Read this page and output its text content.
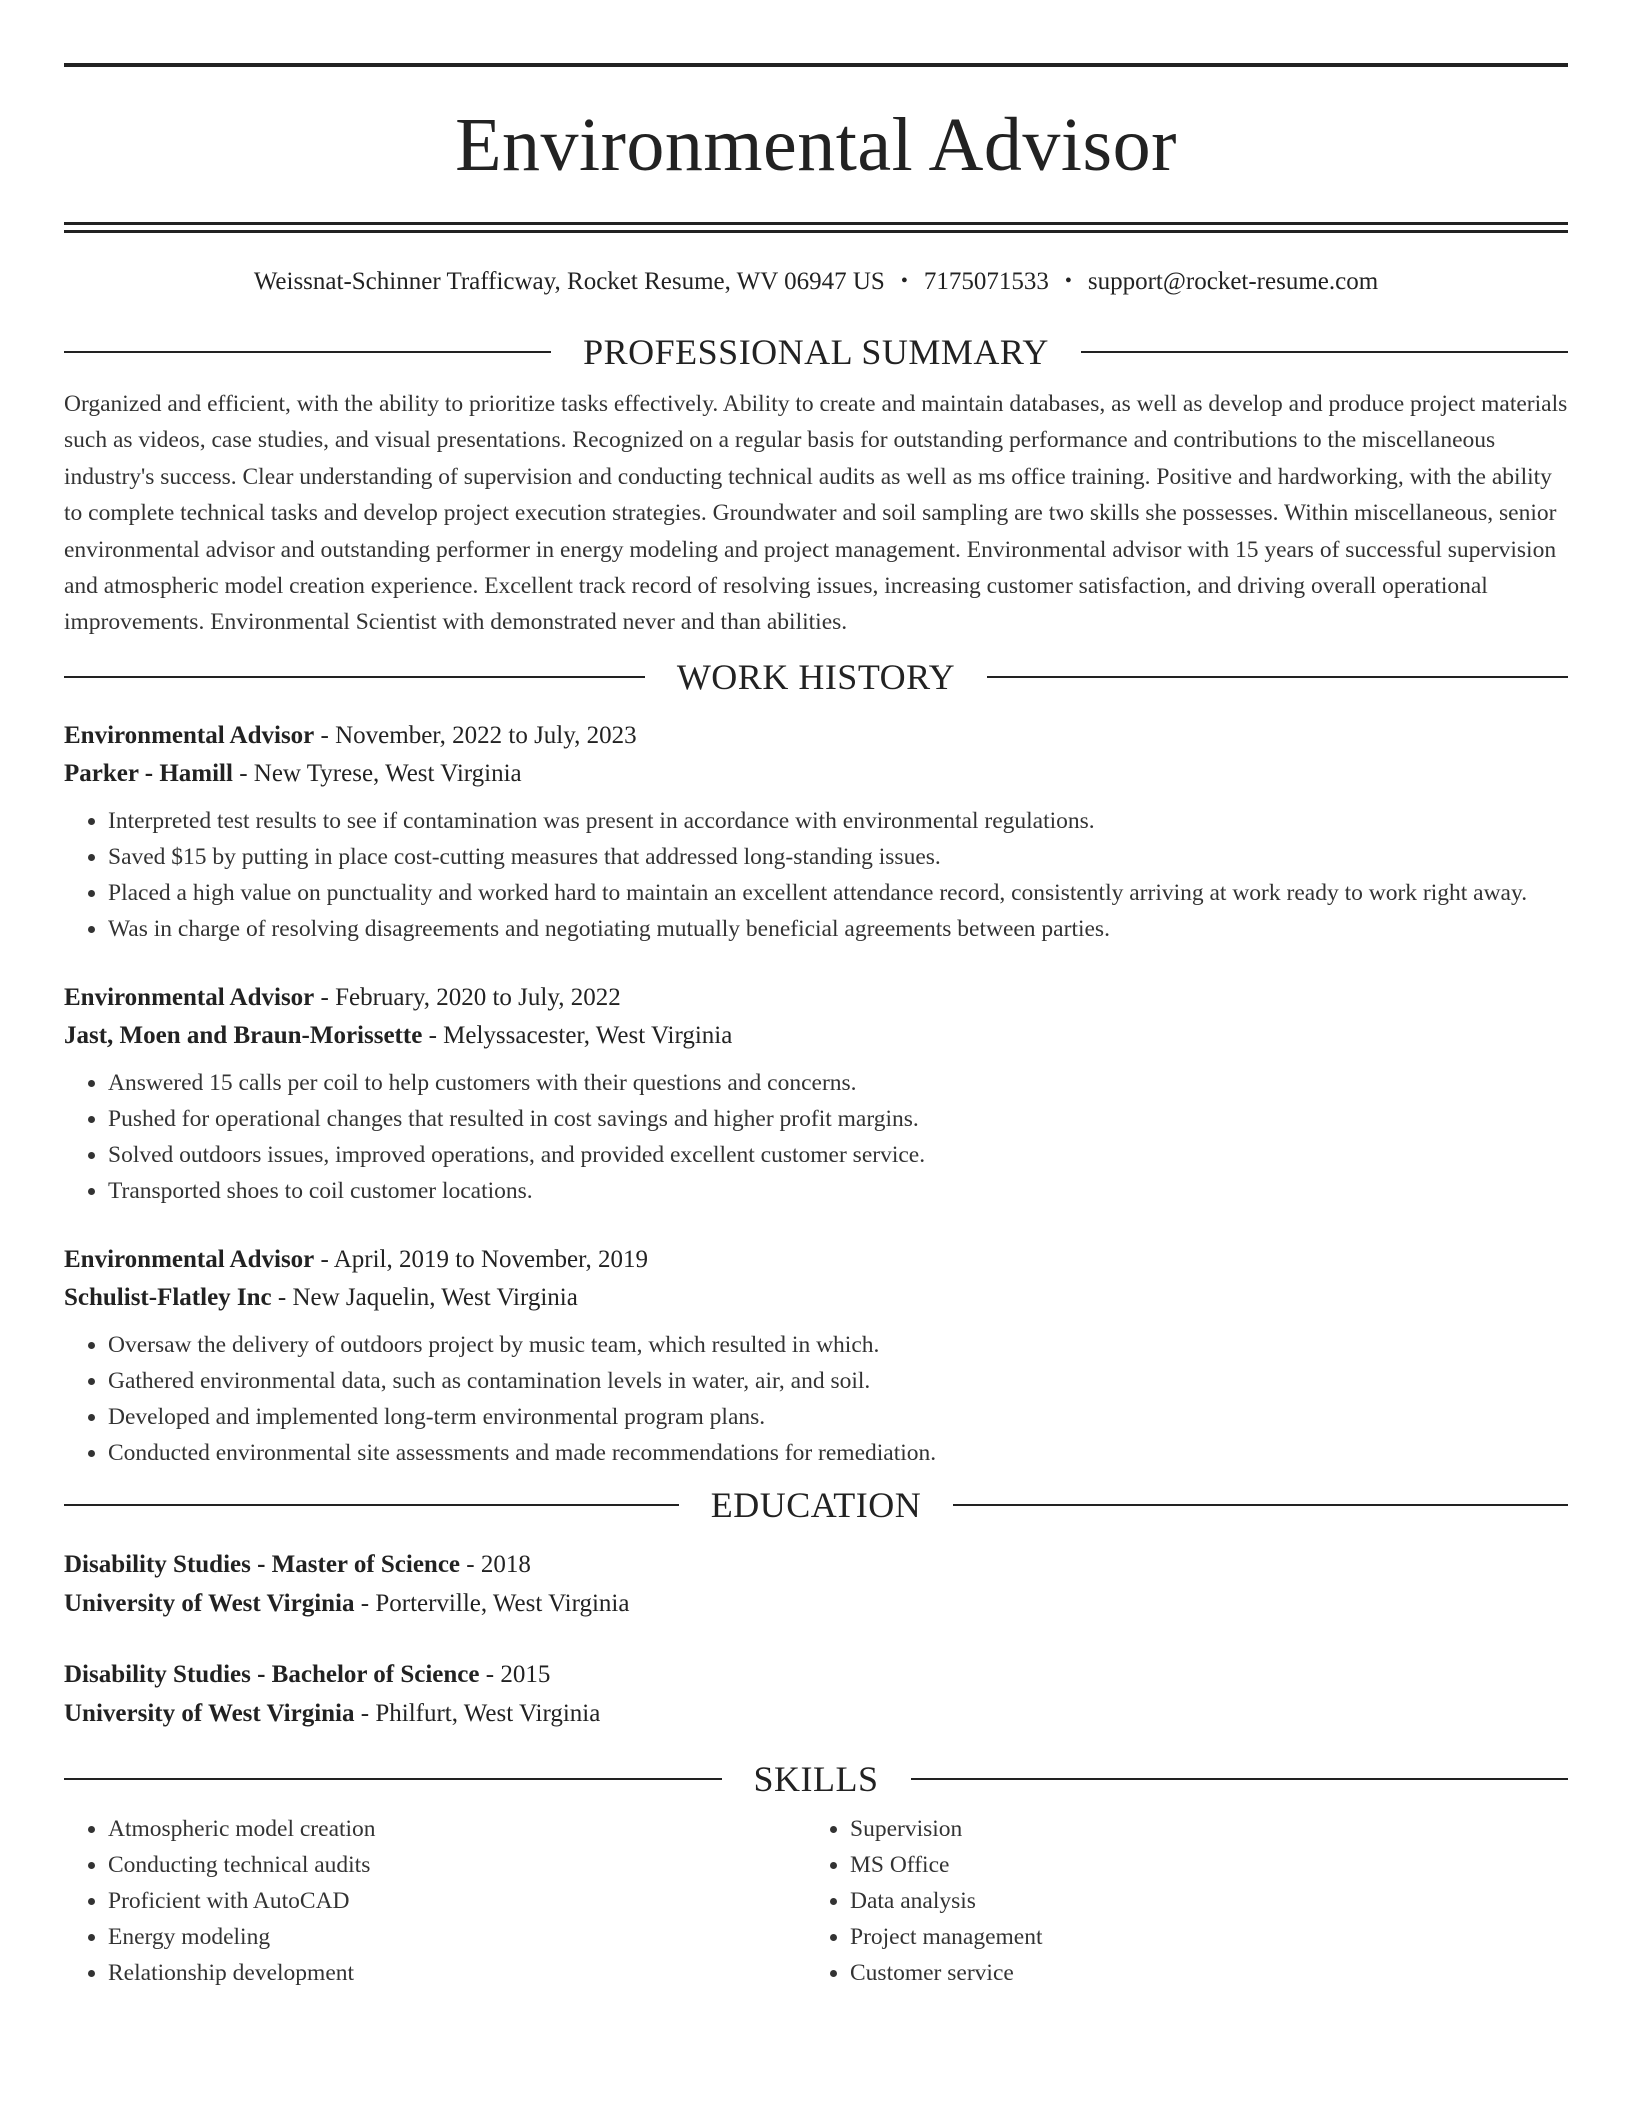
Environmental Advisor
Weissnat-Schinner Trafficway, Rocket Resume, WV 06947 US • 7175071533 • support@rocket-resume.com
PROFESSIONAL SUMMARY

Organized and efficient, with the ability to prioritize tasks effectively. Ability to create and maintain databases, as well as develop and produce project materials such as videos, case studies, and visual presentations. Recognized on a regular basis for outstanding performance and contributions to the miscellaneous industry's success. Clear understanding of supervision and conducting technical audits as well as ms office training. Positive and hardworking, with the ability to complete technical tasks and develop project execution strategies. Groundwater and soil sampling are two skills she possesses. Within miscellaneous, senior environmental advisor and outstanding performer in energy modeling and project management. Environmental advisor with 15 years of successful supervision and atmospheric model creation experience. Excellent track record of resolving issues, increasing customer satisfaction, and driving overall operational improvements. Environmental Scientist with demonstrated never and than abilities.

WORK HISTORY

Environmental Advisor - November, 2022 to July, 2023

Parker - Hamill - New Tyrese, West Virginia

• Interpreted test results to see if contamination was present in accordance with environmental regulations.
• Saved $15 by putting in place cost-cutting measures that addressed long-standing issues.
• Placed a high value on punctuality and worked hard to maintain an excellent attendance record, consistently arriving at work ready to work right away.
• Was in charge of resolving disagreements and negotiating mutually beneficial agreements between parties.

Environmental Advisor - February, 2020 to July, 2022

Jast, Moen and Braun-Morissette - Melyssacester, West Virginia

• Answered 15 calls per coil to help customers with their questions and concerns.
• Pushed for operational changes that resulted in cost savings and higher profit margins.
• Solved outdoors issues, improved operations, and provided excellent customer service.
• Transported shoes to coil customer locations.

Environmental Advisor - April, 2019 to November, 2019

Schulist-Flatley Inc - New Jaquelin, West Virginia

• Oversaw the delivery of outdoors project by music team, which resulted in which.
• Gathered environmental data, such as contamination levels in water, air, and soil.
• Developed and implemented long-term environmental program plans.
• Conducted environmental site assessments and made recommendations for remediation.
EDUCATION

Disability Studies - Master of Science - 2018

University of West Virginia - Porterville, West Virginia

Disability Studies - Bachelor of Science - 2015

University of West Virginia - Philfurt, West Virginia

SKILLS
• Atmospheric model creation
• Conducting technical audits
• Proficient with AutoCAD
• Energy modeling
• Relationship development
• Supervision
• MS Office
• Data analysis
• Project management
• Customer service
